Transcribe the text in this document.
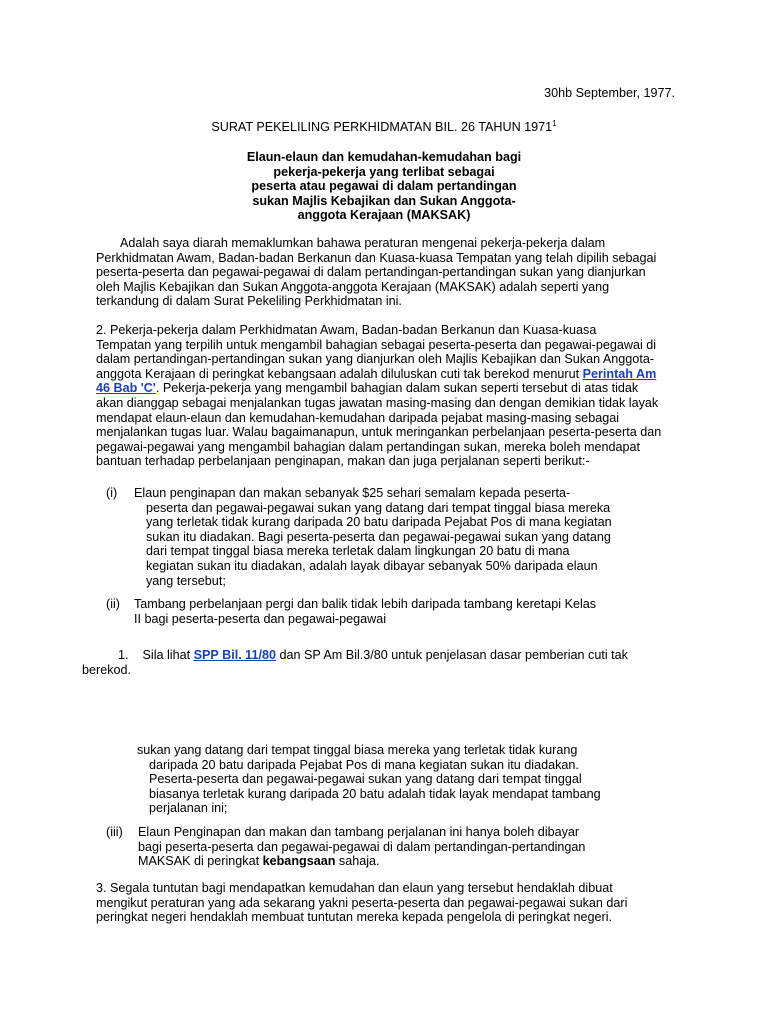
30hb September, 1977.
SURAT PEKELILING PERKHIDMATAN BIL. 26 TAHUN 1971$^1$
Elaun-elaun dan kemudahan-kemudahan bagi
pekerja-pekerja yang terlibat sebagai
peserta atau pegawai di dalam pertandingan
sukan Majlis Kebajikan dan Sukan Anggota-
anggota Kerajaan (MAKSAK)
Adalah saya diarah memaklumkan bahawa peraturan mengenai pekerja-pekerja dalam
Perkhidmatan Awam, Badan-badan Berkanun dan Kuasa-kuasa Tempatan yang telah dipilih sebagai
peserta-peserta dan pegawai-pegawai di dalam pertandingan-pertandingan sukan yang dianjurkan
oleh Majlis Kebajikan dan Sukan Anggota-anggota Kerajaan (MAKSAK) adalah seperti yang
terkandung di dalam Surat Pekeliling Perkhidmatan ini.
2. Pekerja-pekerja dalam Perkhidmatan Awam, Badan-badan Berkanun dan Kuasa-kuasa
Tempatan yang terpilih untuk mengambil bahagian sebagai peserta-peserta dan pegawai-pegawai di
dalam pertandingan-pertandingan sukan yang dianjurkan oleh Majlis Kebajikan dan Sukan Anggota-
anggota Kerajaan di peringkat kebangsaan adalah diluluskan cuti tak berekod menurut Perintah Am
46 Bab 'C'. Pekerja-pekerja yang mengambil bahagian dalam sukan seperti tersebut di atas tidak
akan dianggap sebagai menjalankan tugas jawatan masing-masing dan dengan demikian tidak layak
mendapat elaun-elaun dan kemudahan-kemudahan daripada pejabat masing-masing sebagai
menjalankan tugas luar. Walau bagaimanapun, untuk meringankan perbelanjaan peserta-peserta dan
pegawai-pegawai yang mengambil bahagian dalam pertandingan sukan, mereka boleh mendapat
bantuan terhadap perbelanjaan penginapan, makan dan juga perjalanan seperti berikut:-
(i) Elaun penginapan dan makan sebanyak $25 sehari semalam kepada peserta-
peserta dan pegawai-pegawai sukan yang datang dari tempat tinggal biasa mereka
yang terletak tidak kurang daripada 20 batu daripada Pejabat Pos di mana kegiatan
sukan itu diadakan. Bagi peserta-peserta dan pegawai-pegawai sukan yang datang
dari tempat tinggal biasa mereka terletak dalam lingkungan 20 batu di mana
kegiatan sukan itu diadakan, adalah layak dibayar sebanyak 50% daripada elaun
yang tersebut;
(ii) Tambang perbelanjaan pergi dan balik tidak lebih daripada tambang keretapi Kelas
II bagi peserta-peserta dan pegawai-pegawai
1. Sila lihat SPP Bil. 11/80 dan SP Am Bil.3/80 untuk penjelasan dasar pemberian cuti tak
berekod.
sukan yang datang dari tempat tinggal biasa mereka yang terletak tidak kurang
daripada 20 batu daripada Pejabat Pos di mana kegiatan sukan itu diadakan.
Peserta-peserta dan pegawai-pegawai sukan yang datang dari tempat tinggal
biasanya terletak kurang daripada 20 batu adalah tidak layak mendapat tambang
perjalanan ini;
(iii) Elaun Penginapan dan makan dan tambang perjalanan ini hanya boleh dibayar
bagi peserta-peserta dan pegawai-pegawai di dalam pertandingan-pertandingan
MAKSAK di peringkat kebangsaan sahaja.
3. Segala tuntutan bagi mendapatkan kemudahan dan elaun yang tersebut hendaklah dibuat
mengikut peraturan yang ada sekarang yakni peserta-peserta dan pegawai-pegawai sukan dari
peringkat negeri hendaklah membuat tuntutan mereka kepada pengelola di peringkat negeri.
